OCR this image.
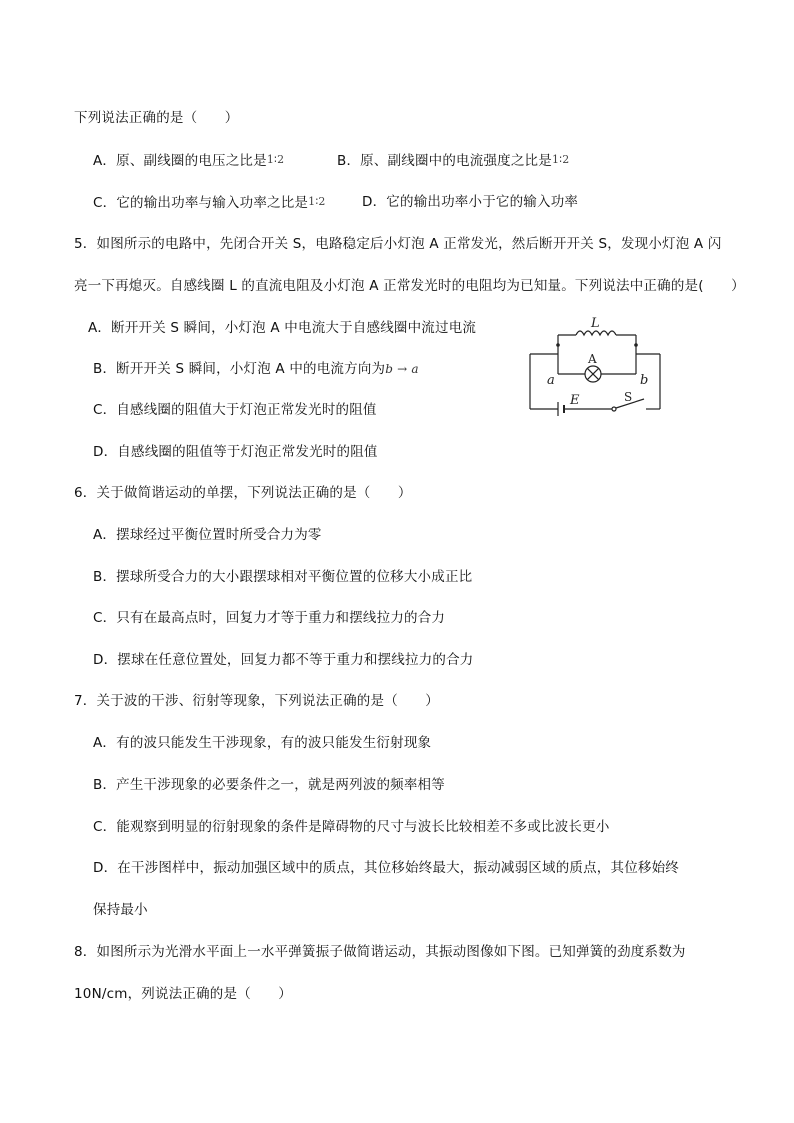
下列说法正确的是（　　）
A．原、副线圈的电压之比是1∶2	B．原、副线圈中的电流强度之比是1∶2
C．它的输出功率与输入功率之比是1∶2	D．它的输出功率小于它的输入功率
5．如图所示的电路中，先闭合开关 S，电路稳定后小灯泡 A 正常发光，然后断开开关 S，发现小灯泡 A 闪
亮一下再熄灭。自感线圈 L 的直流电阻及小灯泡 A 正常发光时的电阻均为已知量。下列说法中正确的是(　　）
A．断开开关 S 瞬间，小灯泡 A 中电流大于自感线圈中流过电流
B．断开开关 S 瞬间，小灯泡 A 中的电流方向为b → a
C．自感线圈的阻值大于灯泡正常发光时的阻值
D．自感线圈的阻值等于灯泡正常发光时的阻值
L
A
a	b
E	S
6．关于做简谐运动的单摆，下列说法正确的是（　　）
A．摆球经过平衡位置时所受合力为零
B．摆球所受合力的大小跟摆球相对平衡位置的位移大小成正比
C．只有在最高点时，回复力才等于重力和摆线拉力的合力
D．摆球在任意位置处，回复力都不等于重力和摆线拉力的合力
7．关于波的干涉、衍射等现象，下列说法正确的是（　　）
A．有的波只能发生干涉现象，有的波只能发生衍射现象
B．产生干涉现象的必要条件之一，就是两列波的频率相等
C．能观察到明显的衍射现象的条件是障碍物的尺寸与波长比较相差不多或比波长更小
D．在干涉图样中，振动加强区域中的质点，其位移始终最大，振动减弱区域的质点，其位移始终
保持最小
8．如图所示为光滑水平面上一水平弹簧振子做简谐运动，其振动图像如下图。已知弹簧的劲度系数为
10N/cm，列说法正确的是（　　）
